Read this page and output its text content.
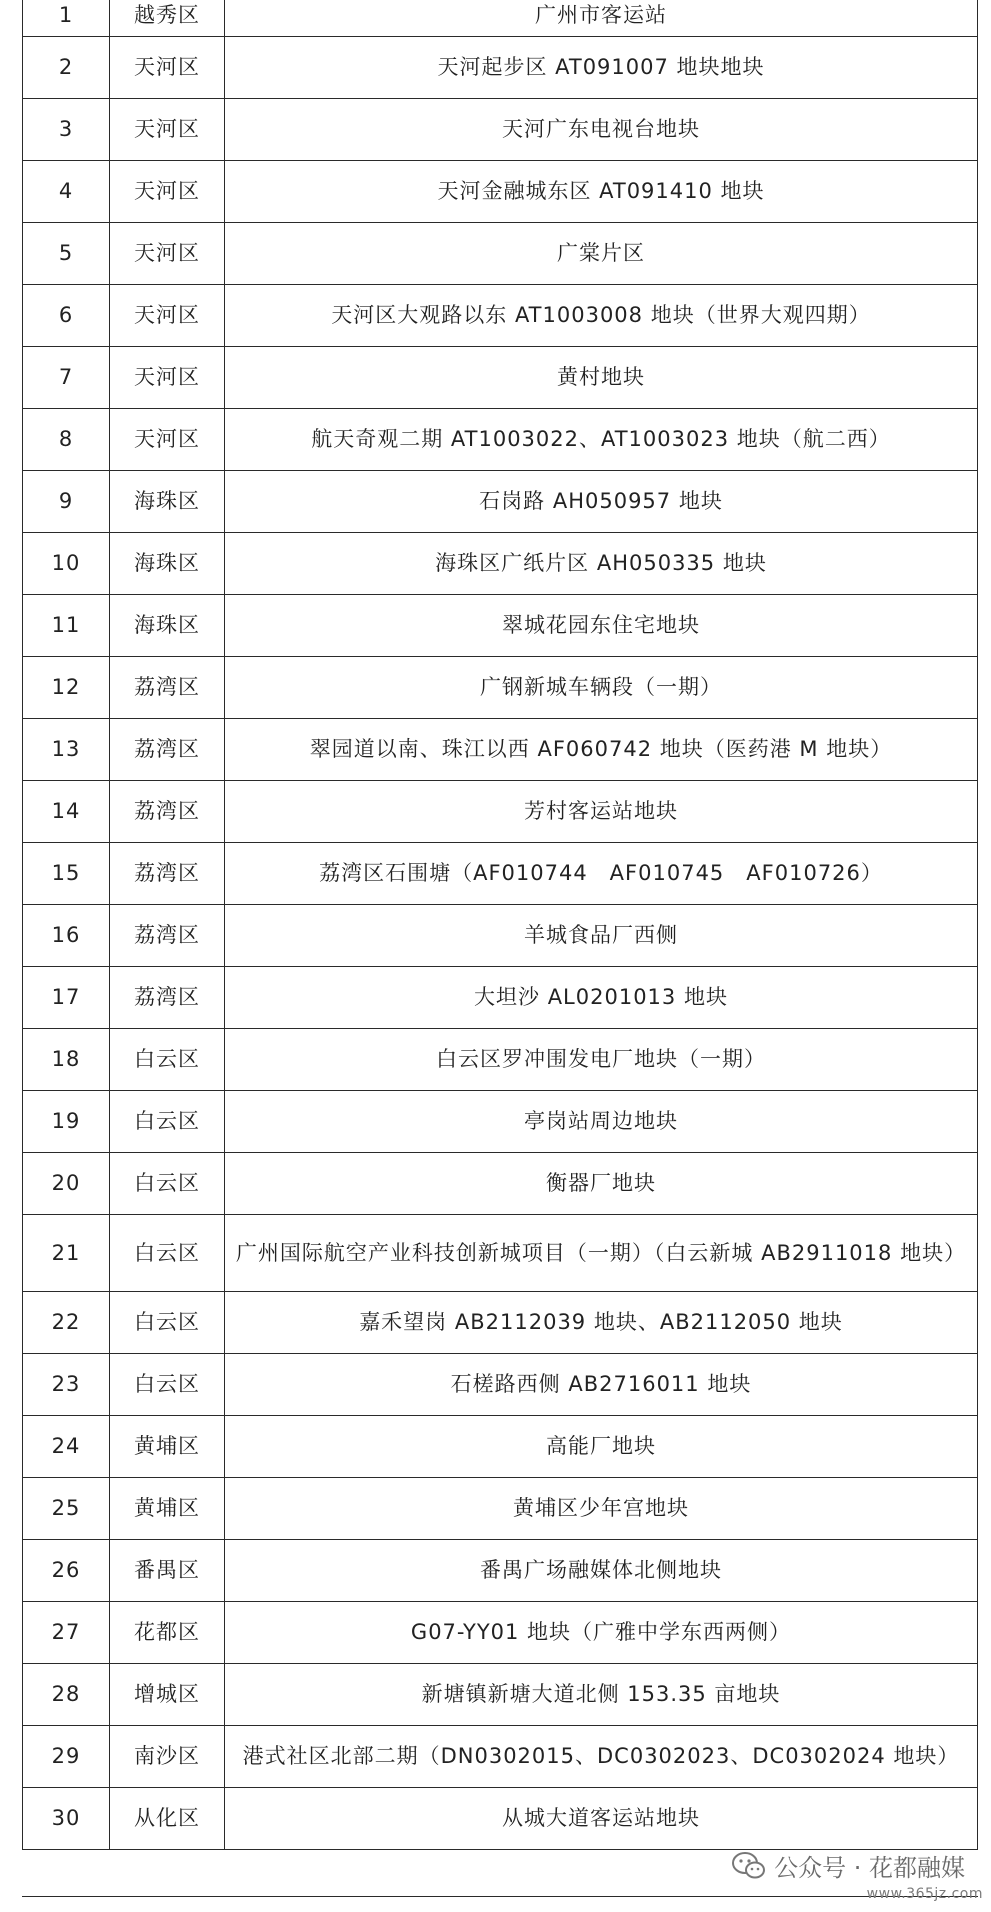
1	越秀区	广州市客运站
2	天河区	天河起步区 AT091007 地块地块
3	天河区	天河广东电视台地块
4	天河区	天河金融城东区 AT091410 地块
5	天河区	广棠片区
6	天河区	天河区大观路以东 AT1003008 地块（世界大观四期）
7	天河区	黄村地块
8	天河区	航天奇观二期 AT1003022、AT1003023 地块（航二西）
9	海珠区	石岗路 AH050957 地块
10	海珠区	海珠区广纸片区 AH050335 地块
11	海珠区	翠城花园东住宅地块
12	荔湾区	广钢新城车辆段（一期）
13	荔湾区	翠园道以南、珠江以西 AF060742 地块（医药港 M 地块）
14	荔湾区	芳村客运站地块
15	荔湾区	荔湾区石围塘（AF010744　AF010745　AF010726）
16	荔湾区	羊城食品厂西侧
17	荔湾区	大坦沙 AL0201013 地块
18	白云区	白云区罗冲围发电厂地块（一期）
19	白云区	亭岗站周边地块
20	白云区	衡器厂地块
21	白云区	广州国际航空产业科技创新城项目（一期）（白云新城 AB2911018 地块）
22	白云区	嘉禾望岗 AB2112039 地块、AB2112050 地块
23	白云区	石槎路西侧 AB2716011 地块
24	黄埔区	高能厂地块
25	黄埔区	黄埔区少年宫地块
26	番禺区	番禺广场融媒体北侧地块
27	花都区	G07-YY01 地块（广雅中学东西两侧）
28	增城区	新塘镇新塘大道北侧 153.35 亩地块
29	南沙区	港式社区北部二期（DN0302015、DC0302023、DC0302024 地块）
30	从化区	从城大道客运站地块
公众号 · 花都融媒
www.365jz.com
